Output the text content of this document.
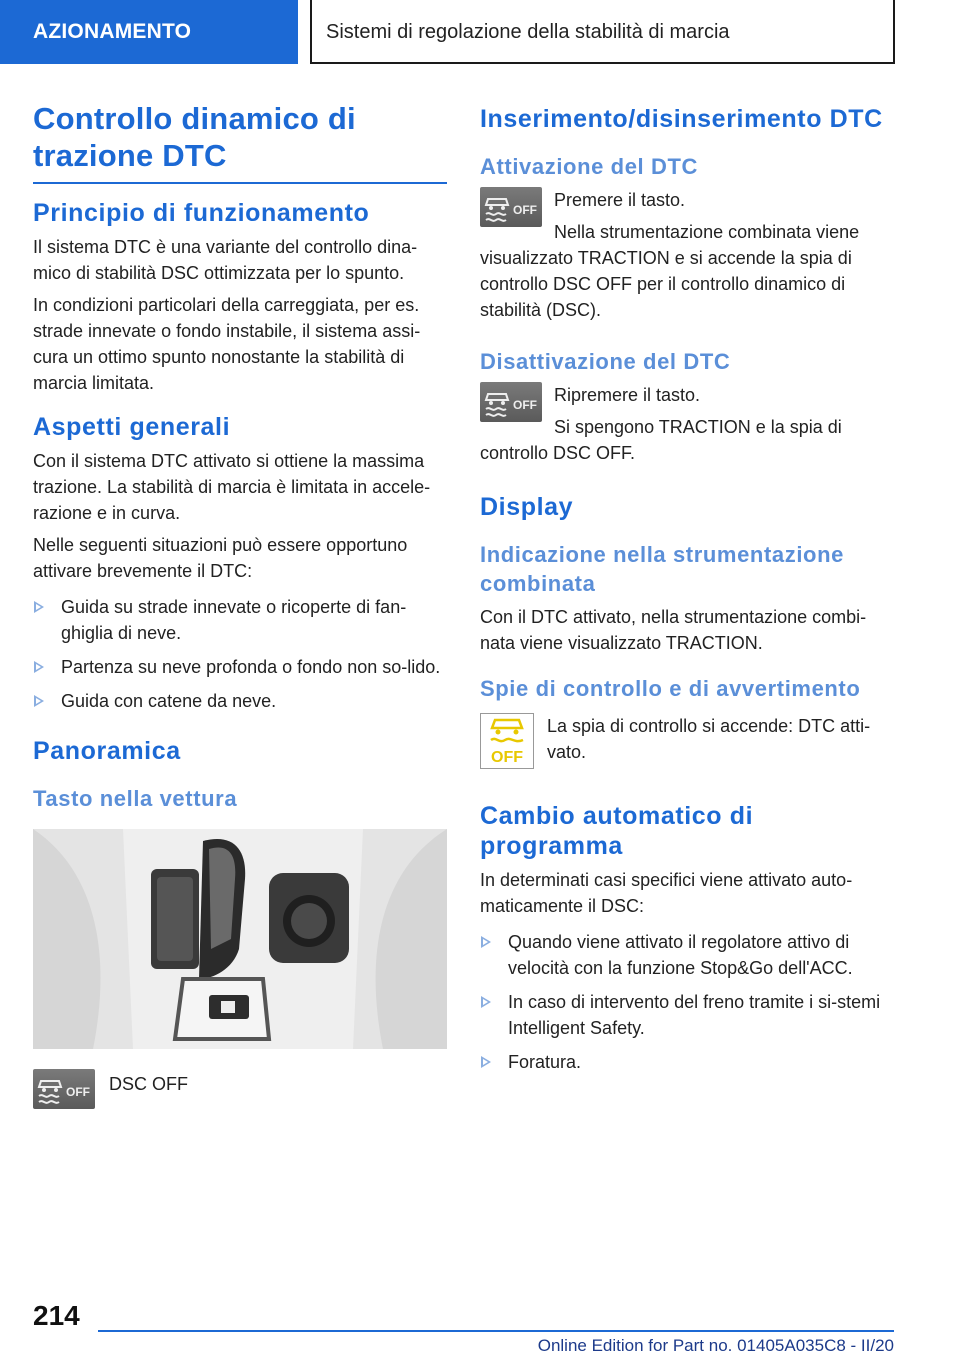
AZIONAMENTO	Sistemi di regolazione della stabilità di marcia
Controllo dinamico di
trazione DTC
Principio di funzionamento

Il sistema DTC è una variante del controllo dina-mico di stabilità DSC ottimizzata per lo spunto.

In condizioni particolari della carreggiata, per es. strade innevate o fondo instabile, il sistema assi-cura un ottimo spunto nonostante la stabilità di marcia limitata.

Aspetti generali

Con il sistema DTC attivato si ottiene la massima trazione. La stabilità di marcia è limitata in accele-razione e in curva.

Nelle seguenti situazioni può essere opportuno attivare brevemente il DTC:

Guida su strade innevate o ricoperte di fan-ghiglia di neve.
Partenza su neve profonda o fondo non so-lido.
Guida con catene da neve.
Panoramica
Tasto nella vettura
OFF DSC OFF
Inserimento/disinserimento DTC
Attivazione del DTC
OFF Premere il tasto.

Nella strumentazione combinata viene visualizzato TRACTION e si accende la spia di controllo DSC OFF per il controllo dinamico di stabilità (DSC).

Disattivazione del DTC
OFF Ripremere il tasto.

Si spengono TRACTION e la spia di controllo DSC OFF.

Display
Indicazione nella strumentazione combinata

Con il DTC attivato, nella strumentazione combi-nata viene visualizzato TRACTION.

Spie di controllo e di avvertimento
OFF

La spia di controllo si accende: DTC atti-vato.

Cambio automatico di
programma

In determinati casi specifici viene attivato auto-maticamente il DSC:

Quando viene attivato il regolatore attivo di velocità con la funzione Stop&Go dell'ACC.
In caso di intervento del freno tramite i si-stemi Intelligent Safety.
Foratura.
214
Online Edition for Part no. 01405A035C8 - II/20
